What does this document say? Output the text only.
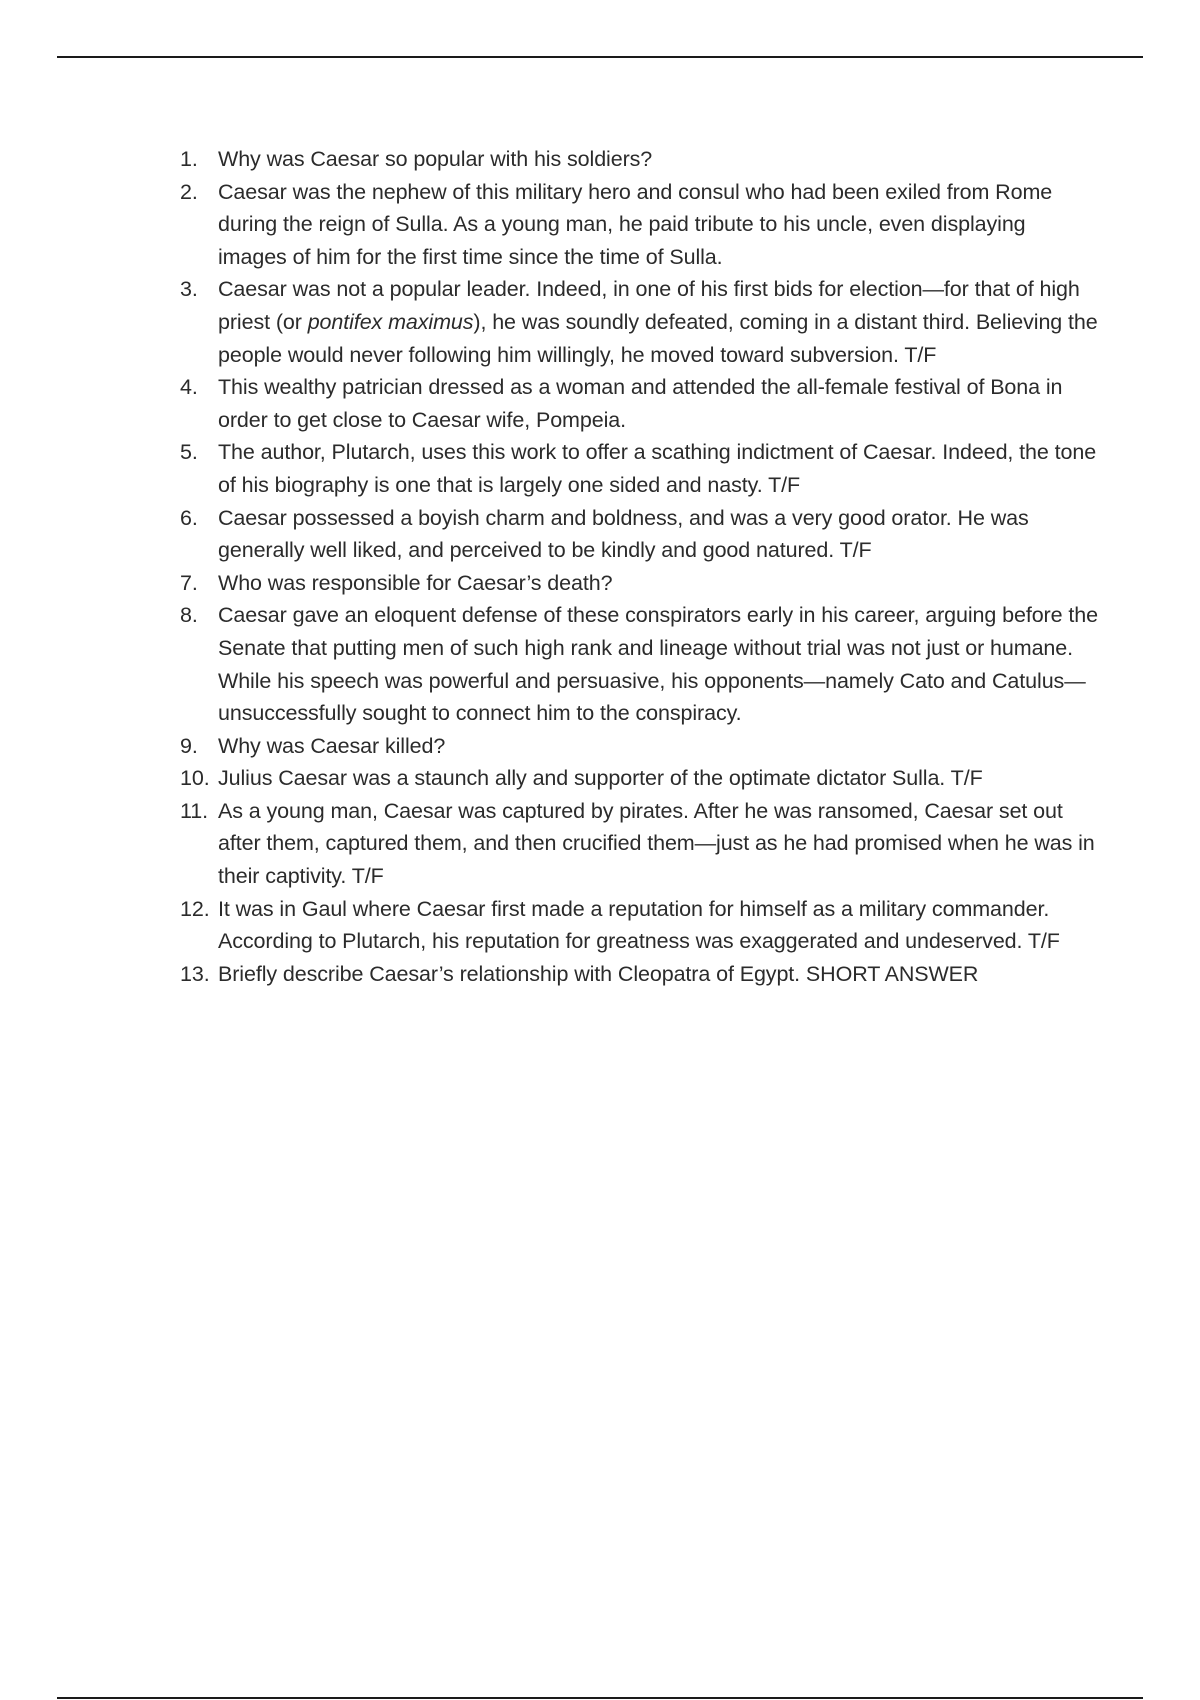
1. Why was Caesar so popular with his soldiers?
2. Caesar was the nephew of this military hero and consul who had been exiled from Rome during the reign of Sulla. As a young man, he paid tribute to his uncle, even displaying images of him for the first time since the time of Sulla.
3. Caesar was not a popular leader. Indeed, in one of his first bids for election—for that of high priest (or pontifex maximus), he was soundly defeated, coming in a distant third. Believing the people would never following him willingly, he moved toward subversion. T/F
4. This wealthy patrician dressed as a woman and attended the all-female festival of Bona in order to get close to Caesar wife, Pompeia.
5. The author, Plutarch, uses this work to offer a scathing indictment of Caesar. Indeed, the tone of his biography is one that is largely one sided and nasty. T/F
6. Caesar possessed a boyish charm and boldness, and was a very good orator. He was generally well liked, and perceived to be kindly and good natured. T/F
7. Who was responsible for Caesar’s death?
8. Caesar gave an eloquent defense of these conspirators early in his career, arguing before the Senate that putting men of such high rank and lineage without trial was not just or humane. While his speech was powerful and persuasive, his opponents—namely Cato and Catulus—unsuccessfully sought to connect him to the conspiracy.
9. Why was Caesar killed?
10. Julius Caesar was a staunch ally and supporter of the optimate dictator Sulla. T/F
11. As a young man, Caesar was captured by pirates. After he was ransomed, Caesar set out after them, captured them, and then crucified them—just as he had promised when he was in their captivity. T/F
12. It was in Gaul where Caesar first made a reputation for himself as a military commander. According to Plutarch, his reputation for greatness was exaggerated and undeserved. T/F
13. Briefly describe Caesar’s relationship with Cleopatra of Egypt. SHORT ANSWER
